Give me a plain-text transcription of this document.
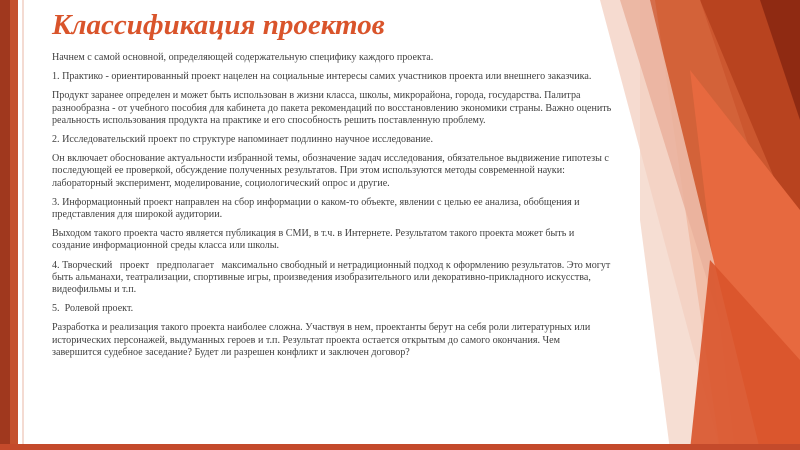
Классификация проектов

Начнем с самой основной, определяющей содержательную специфику каждого проекта.

1. Практико - ориентированный проект нацелен на социальные интересы самих участников проекта или внешнего заказчика.

Продукт заранее определен и может быть использован в жизни класса, школы, микрорайона, города, государства. Палитра разнообразна - от учебного пособия для кабинета до пакета рекомендаций по восстановлению экономики страны. Важно оценить реальность использования продукта на практике и его способность решить поставленную проблему.

2. Исследовательский проект по структуре напоминает подлинно научное исследование.

Он включает обоснование актуальности избранной темы, обозначение задач исследования, обязательное выдвижение гипотезы с последующей ее проверкой, обсуждение полученных результатов. При этом используются методы современной науки: лабораторный эксперимент, моделирование, социологический опрос и другие.

3. Информационный проект направлен на сбор информации о каком-то объекте, явлении с целью ее анализа, обобщения и представления для широкой аудитории.

Выходом такого проекта часто является публикация в СМИ, в т.ч. в Интернете. Результатом такого проекта может быть и создание информационной среды класса или школы.

4. Творческий   проект   предполагает   максимально свободный и нетрадиционный подход к оформлению результатов. Это могут быть альманахи, театрализации, спортивные игры, произведения изобразительного или декоративно-прикладного искусства, видеофильмы и т.п.

5.  Ролевой проект.

Разработка и реализация такого проекта наиболее сложна. Участвуя в нем, проектанты берут на себя роли литературных или исторических персонажей, выдуманных героев и т.п. Результат проекта остается открытым до самого окончания. Чем завершится судебное заседание? Будет ли разрешен конфликт и заключен договор?
